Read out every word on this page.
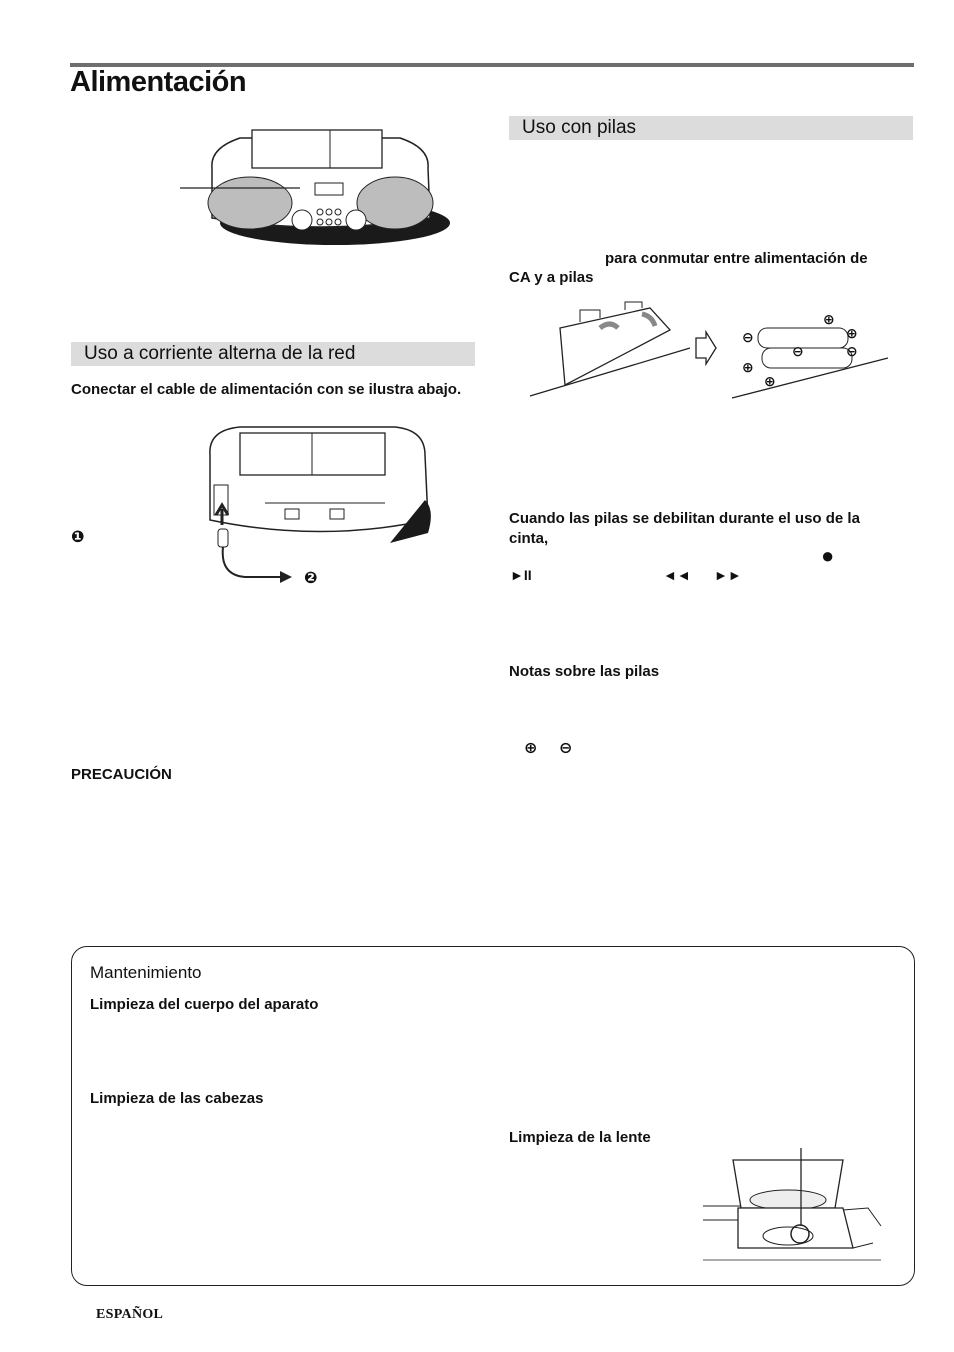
Alimentación
Uso a corriente alterna de la red
Conectar el cable de alimentación con se ilustra abajo.
❶
❷
PRECAUCIÓN
Uso con pilas
para conmutar entre alimentación de
CA y a pilas
⊖
⊕
⊕
⊖	⊖
⊕
⊕
Cuando las pilas se debilitan durante el uso de la
cinta,
●
►II	◄◄ ►►
Notas sobre las pilas
⊕ ⊖
Mantenimiento
Limpieza del cuerpo del aparato
Limpieza de las cabezas
Limpieza de la lente
ESPAÑOL
